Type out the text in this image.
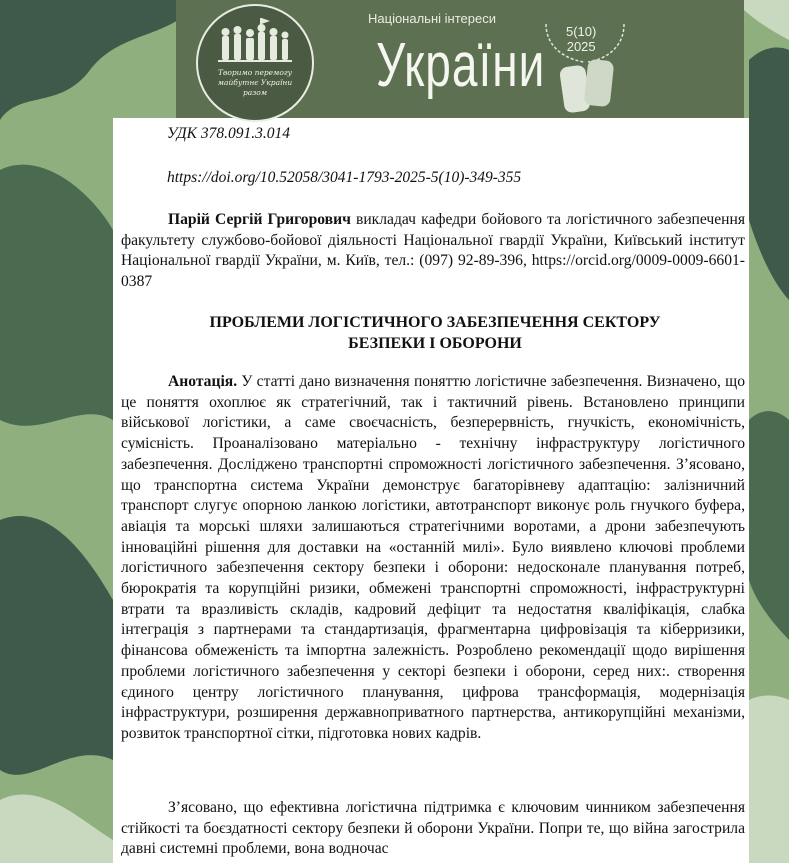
Творимо перемогу майбутнє України разом
Національні інтереси
України 5(10)
2025
УДК 378.091.3.014
https://doi.org/10.52058/3041-1793-2025-5(10)-349-355
Парій Сергій Григорович викладач кафедри бойового та логістичного забезпечення факультету службово-бойової діяльності Національної гвардії України, Київський інститут Національної гвардії України, м. Київ, тел.: (097) 92-89-396, https://orcid.org/0009-0009-6601-0387
ПРОБЛЕМИ ЛОГІСТИЧНОГО ЗАБЕЗПЕЧЕННЯ СЕКТОРУ
БЕЗПЕКИ І ОБОРОНИ
Анотація. У статті дано визначення поняттю логістичне забезпечення. Визначено, що це поняття охоплює як стратегічний, так і тактичний рівень. Встановлено принципи військової логістики, а саме своєчасність, безперервність, гнучкість, економічність, сумісність. Проаналізовано матеріально - технічну інфраструктуру логістичного забезпечення. Досліджено транспортні спроможності логістичного забезпечення. З’ясовано, що транспортна система України демонструє багаторівневу адаптацію: залізничний транспорт слугує опорною ланкою логістики, автотранспорт виконує роль гнучкого буфера, авіація та морські шляхи залишаються стратегічними воротами, а дрони забезпечують інноваційні рішення для доставки на «останній милі». Було виявлено ключові проблеми логістичного забезпечення сектору безпеки і оборони: недосконале планування потреб, бюрократія та корупційні ризики, обмежені транспортні спроможності, інфраструктурні втрати та вразливість складів, кадровий дефіцит та недостатня кваліфікація, слабка інтеграція з партнерами та стандартизація, фрагментарна цифровізація та кіберризики, фінансова обмеженість та імпортна залежність. Розроблено рекомендації щодо вирішення проблеми логістичного забезпечення у секторі безпеки і оборони, серед них:. створення єдиного центру логістичного планування, цифрова трансформація, модернізація інфраструктури, розширення державноприватного партнерства, антикорупційні механізми, розвиток транспортної сітки, підготовка нових кадрів.
З’ясовано, що ефективна логістична підтримка є ключовим чинником забезпечення стійкості та боєздатності сектору безпеки й оборони України. Попри те, що війна загострила давні системні проблеми, вона водночас
